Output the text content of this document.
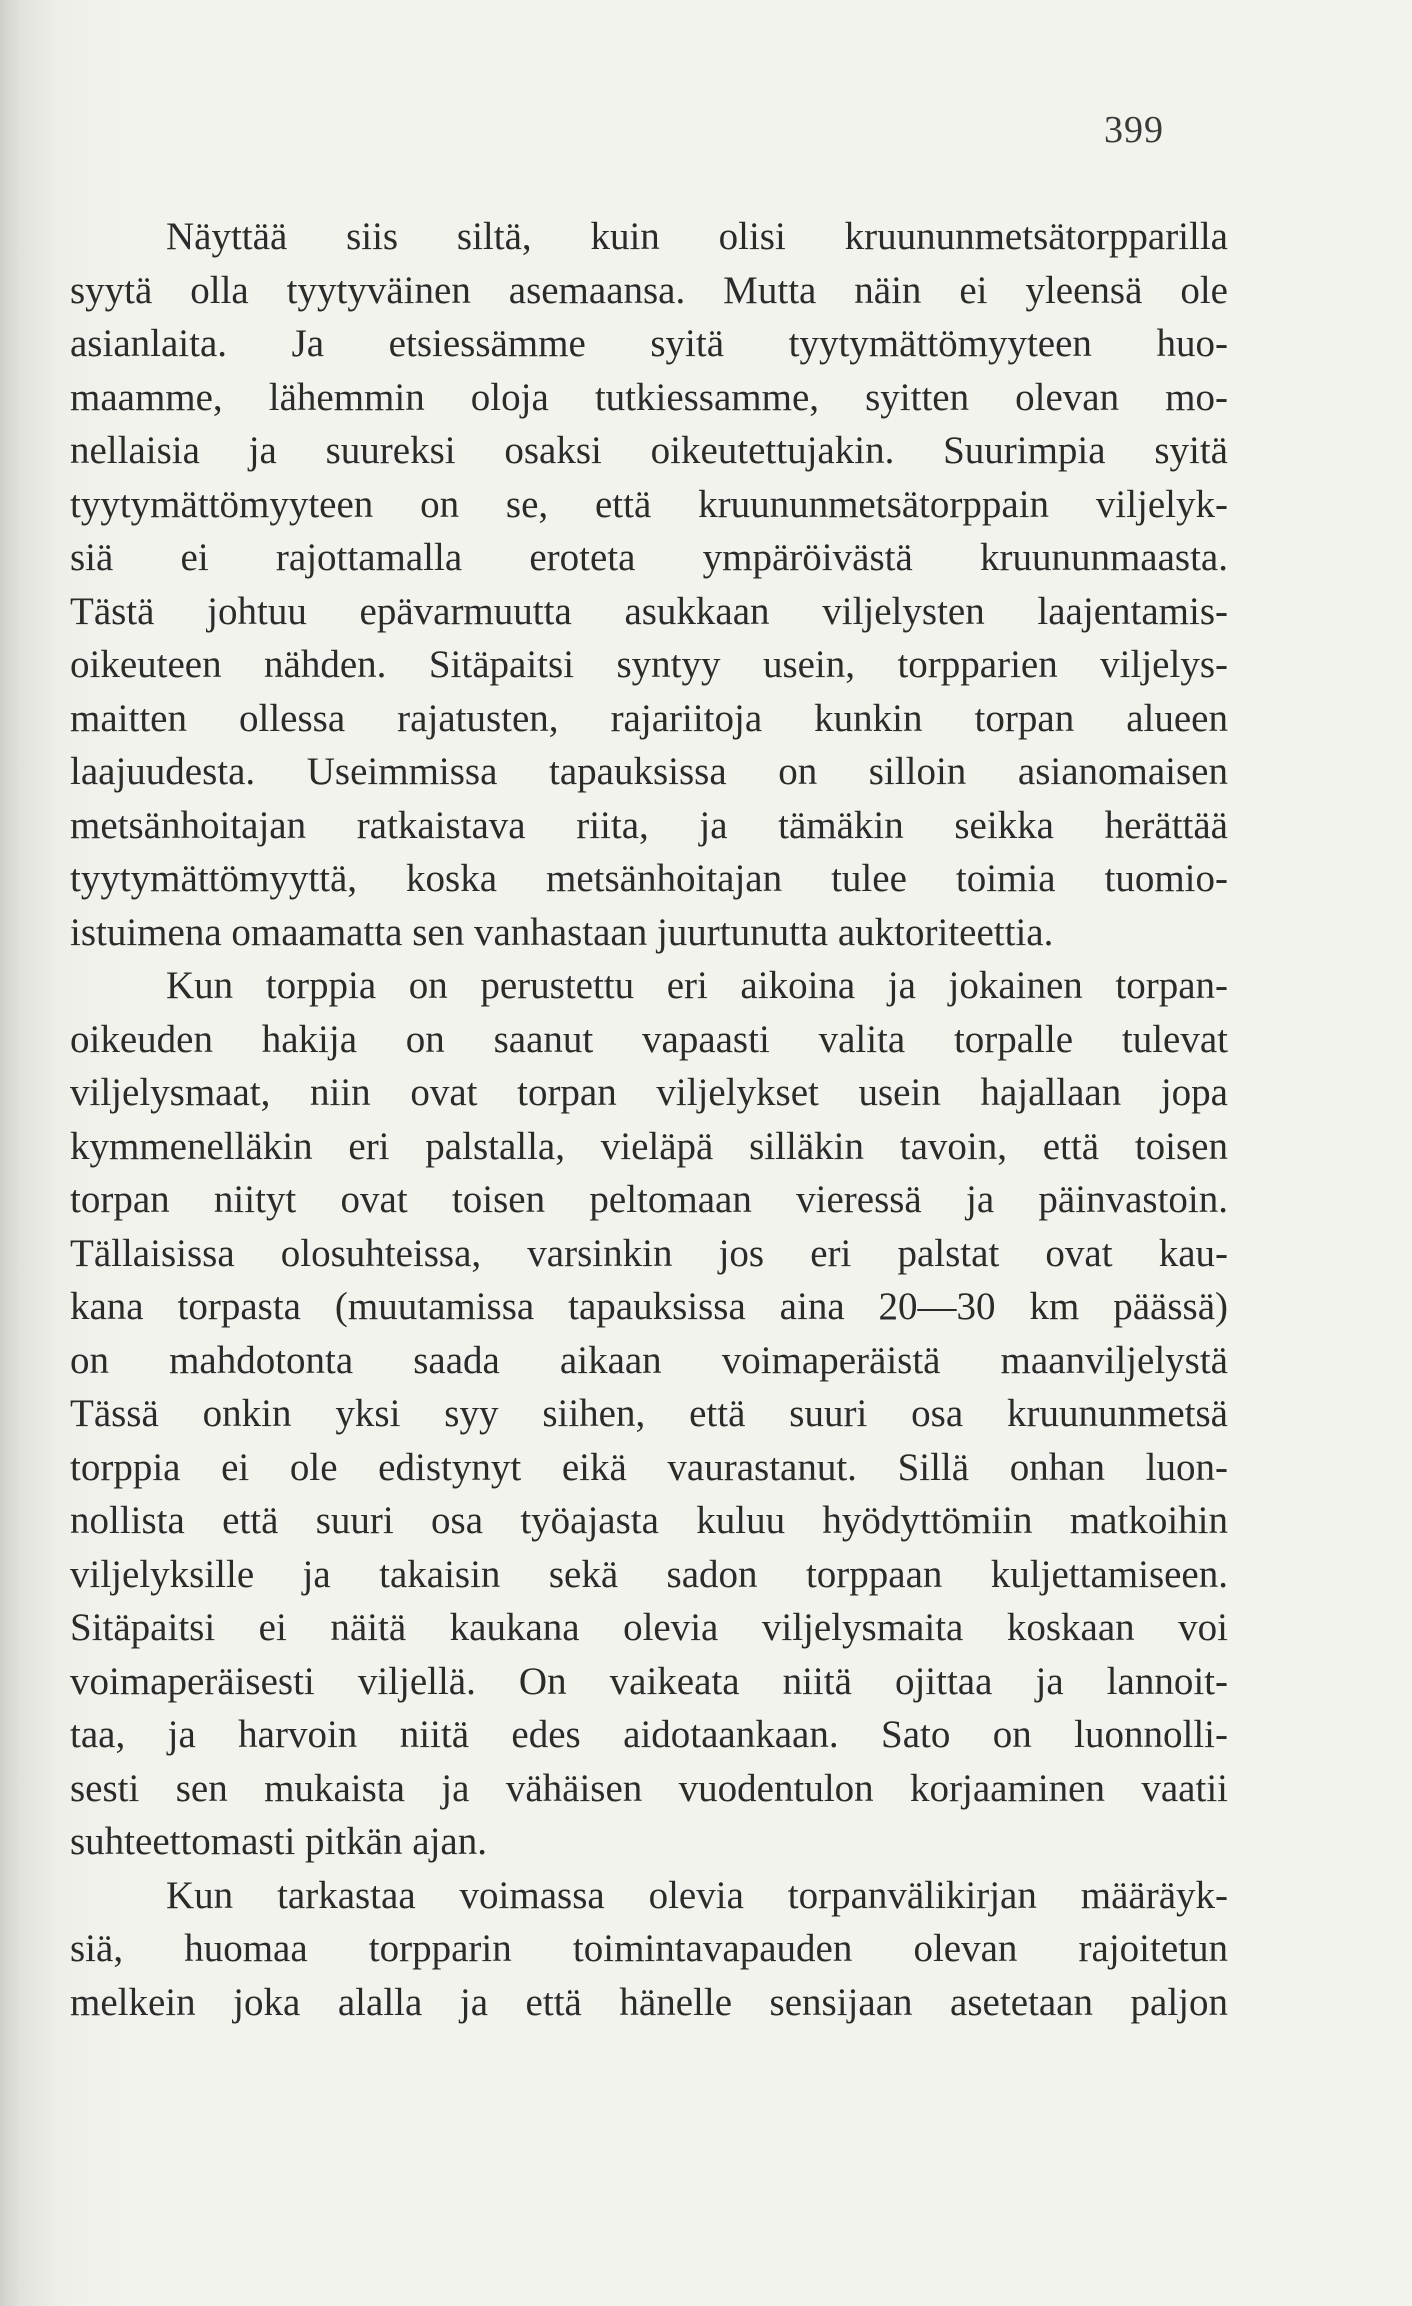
399
Näyttää siis siltä, kuin olisi kruununmetsätorpparilla
syytä olla tyytyväinen asemaansa. Mutta näin ei yleensä ole
asianlaita. Ja etsiessämme syitä tyytymättömyyteen huo-
maamme, lähemmin oloja tutkiessamme, syitten olevan mo-
nellaisia ja suureksi osaksi oikeutettujakin. Suurimpia syitä
tyytymättömyyteen on se, että kruununmetsätorppain viljelyk-
siä ei rajottamalla eroteta ympäröivästä kruununmaasta.
Tästä johtuu epävarmuutta asukkaan viljelysten laajentamis-
oikeuteen nähden. Sitäpaitsi syntyy usein, torpparien viljelys-
maitten ollessa rajatusten, rajariitoja kunkin torpan alueen
laajuudesta. Useimmissa tapauksissa on silloin asianomaisen
metsänhoitajan ratkaistava riita, ja tämäkin seikka herättää
tyytymättömyyttä, koska metsänhoitajan tulee toimia tuomio-
istuimena omaamatta sen vanhastaan juurtunutta auktoriteettia.
Kun torppia on perustettu eri aikoina ja jokainen torpan-
oikeuden hakija on saanut vapaasti valita torpalle tulevat
viljelysmaat, niin ovat torpan viljelykset usein hajallaan jopa
kymmenelläkin eri palstalla, vieläpä silläkin tavoin, että toisen
torpan niityt ovat toisen peltomaan vieressä ja päinvastoin.
Tällaisissa olosuhteissa, varsinkin jos eri palstat ovat kau-
kana torpasta (muutamissa tapauksissa aina 20—30 km päässä)
on mahdotonta saada aikaan voimaperäistä maanviljelystä
Tässä onkin yksi syy siihen, että suuri osa kruununmetsä
torppia ei ole edistynyt eikä vaurastanut. Sillä onhan luon-
nollista että suuri osa työajasta kuluu hyödyttömiin matkoihin
viljelyksille ja takaisin sekä sadon torppaan kuljettamiseen.
Sitäpaitsi ei näitä kaukana olevia viljelysmaita koskaan voi
voimaperäisesti viljellä. On vaikeata niitä ojittaa ja lannoit-
taa, ja harvoin niitä edes aidotaankaan. Sato on luonnolli-
sesti sen mukaista ja vähäisen vuodentulon korjaaminen vaatii
suhteettomasti pitkän ajan.
Kun tarkastaa voimassa olevia torpanvälikirjan määräyk-
siä, huomaa torpparin toimintavapauden olevan rajoitetun
melkein joka alalla ja että hänelle sensijaan asetetaan paljon
